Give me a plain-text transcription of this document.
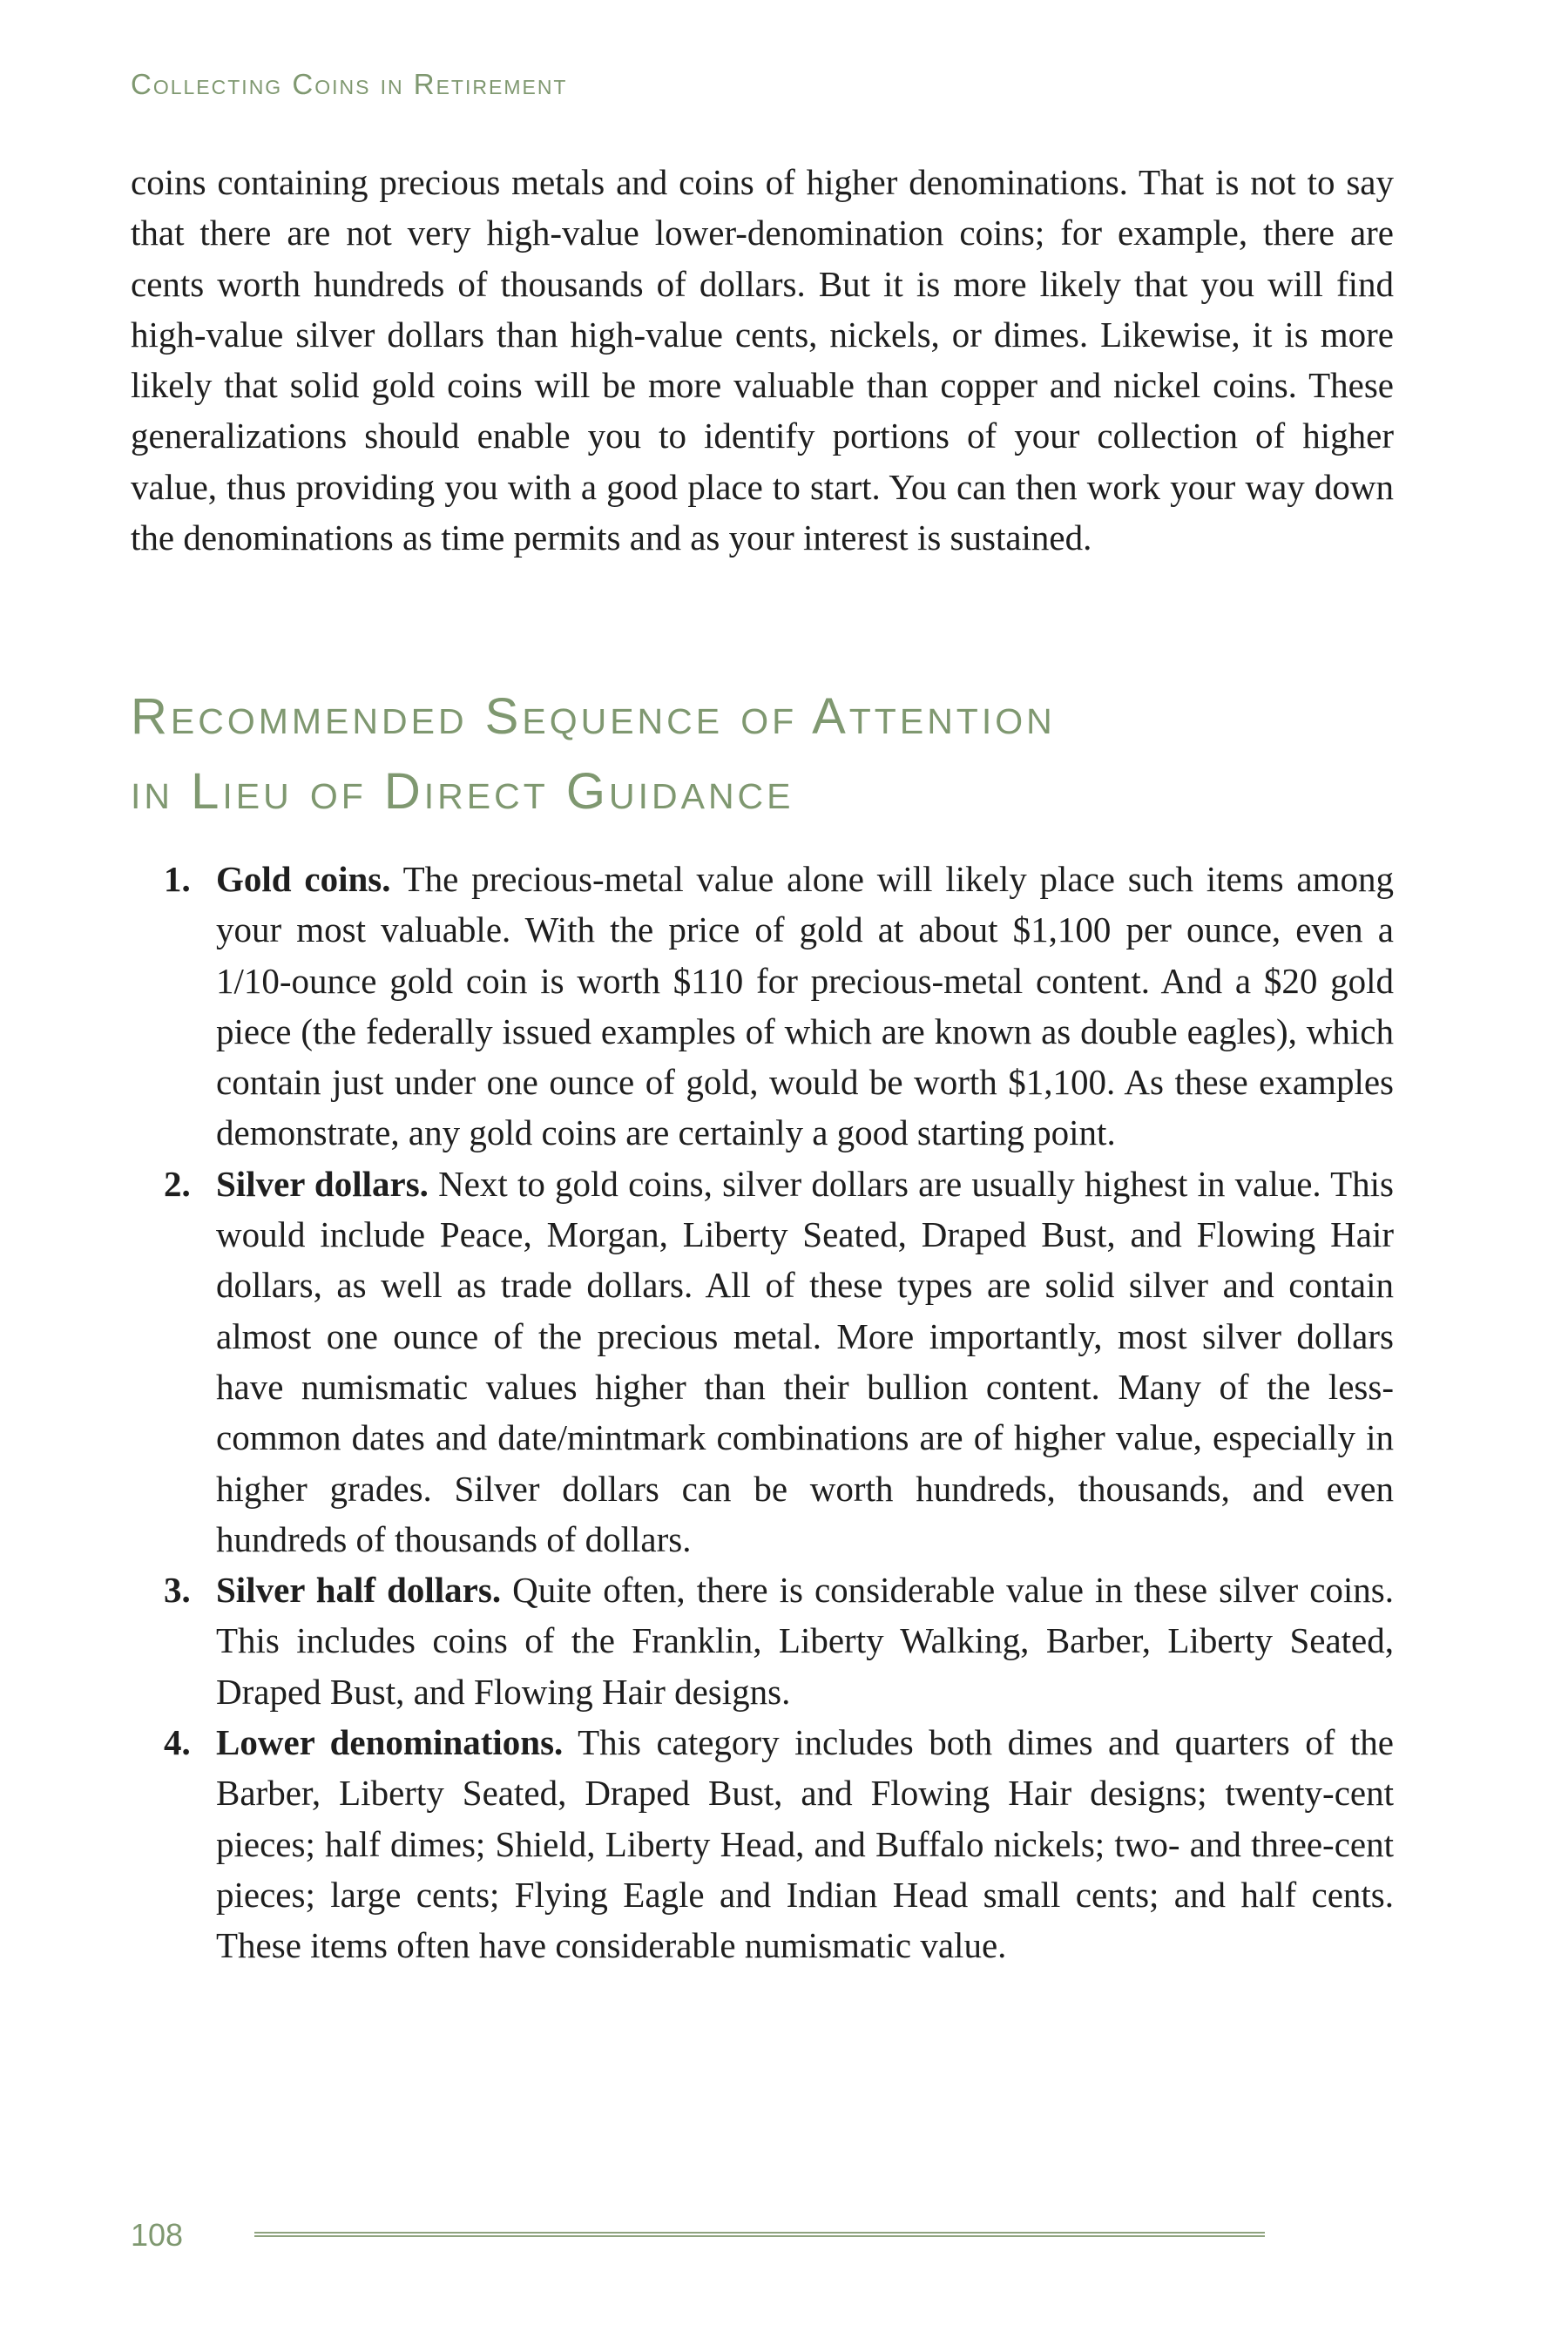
Collecting Coins in Retirement

coins containing precious metals and coins of higher denominations. That is not to say that there are not very high-value lower-denomination coins; for example, there are cents worth hundreds of thousands of dollars. But it is more likely that you will find high-value silver dollars than high-value cents, nickels, or dimes. Likewise, it is more likely that solid gold coins will be more valuable than copper and nickel coins. These generalizations should enable you to identify portions of your collection of higher value, thus providing you with a good place to start. You can then work your way down the denominations as time permits and as your interest is sustained.

Recommended Sequence of Attention
in Lieu of Direct Guidance
1. Gold coins. The precious-metal value alone will likely place such items among your most valuable. With the price of gold at about $1,100 per ounce, even a 1/10-ounce gold coin is worth $110 for precious-metal content. And a $20 gold piece (the federally issued examples of which are known as double eagles), which contain just under one ounce of gold, would be worth $1,100. As these examples demonstrate, any gold coins are certainly a good starting point.
2. Silver dollars. Next to gold coins, silver dollars are usually highest in value. This would include Peace, Morgan, Liberty Seated, Draped Bust, and Flowing Hair dollars, as well as trade dollars. All of these types are solid silver and contain almost one ounce of the precious metal. More importantly, most silver dollars have numismatic values higher than their bullion content. Many of the less-common dates and date/mintmark combinations are of higher value, especially in higher grades. Silver dollars can be worth hundreds, thousands, and even hundreds of thousands of dollars.
3. Silver half dollars. Quite often, there is considerable value in these silver coins. This includes coins of the Franklin, Liberty Walking, Barber, Liberty Seated, Draped Bust, and Flowing Hair designs.
4. Lower denominations. This category includes both dimes and quarters of the Barber, Liberty Seated, Draped Bust, and Flowing Hair designs; twenty-cent pieces; half dimes; Shield, Liberty Head, and Buffalo nickels; two- and three-cent pieces; large cents; Flying Eagle and Indian Head small cents; and half cents. These items often have considerable numismatic value.
108
